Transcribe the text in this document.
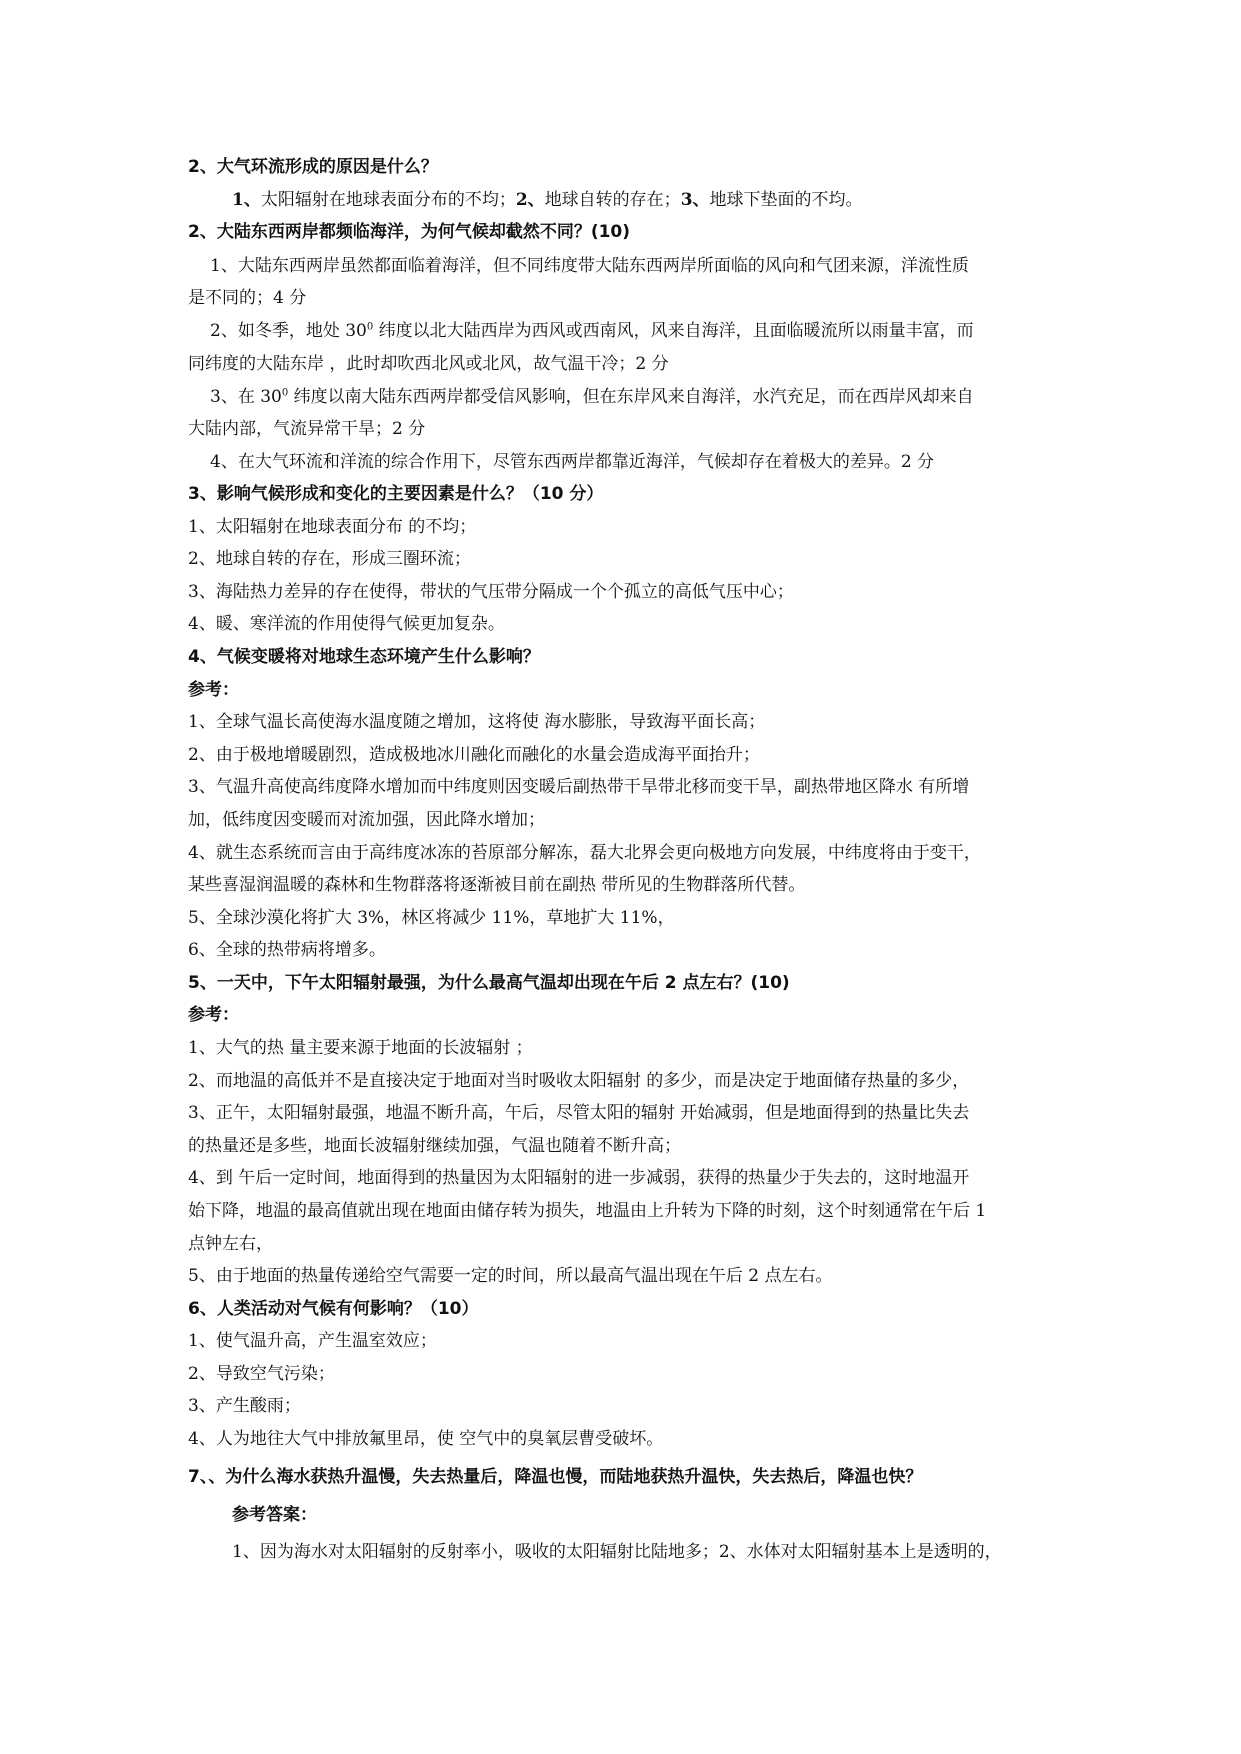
2、大气环流形成的原因是什么？
1、太阳辐射在地球表面分布的不均；2、地球自转的存在；3、地球下垫面的不均。
2、大陆东西两岸都频临海洋，为何气候却截然不同？(10)
1、大陆东西两岸虽然都面临着海洋，但不同纬度带大陆东西两岸所面临的风向和气团来源，洋流性质
是不同的；4 分
2、如冬季，地处 $30^0$ 纬度以北大陆西岸为西风或西南风，风来自海洋，且面临暖流所以雨量丰富，而
同纬度的大陆东岸 ，此时却吹西北风或北风，故气温干冷；2 分
3、在 $30^0$ 纬度以南大陆东西两岸都受信风影响，但在东岸风来自海洋，水汽充足，而在西岸风却来自
大陆内部，气流异常干旱；2 分
4、在大气环流和洋流的综合作用下，尽管东西两岸都靠近海洋，气候却存在着极大的差异。2 分
3、影响气候形成和变化的主要因素是什么？（10 分）
1、太阳辐射在地球表面分布 的不均；
2、地球自转的存在，形成三圈环流；
3、海陆热力差异的存在使得，带状的气压带分隔成一个个孤立的高低气压中心；
4、暖、寒洋流的作用使得气候更加复杂。
4、气候变暖将对地球生态环境产生什么影响？
参考：
1、全球气温长高使海水温度随之增加，这将使 海水膨胀，导致海平面长高；
2、由于极地增暖剧烈，造成极地冰川融化而融化的水量会造成海平面抬升；
3、气温升高使高纬度降水增加而中纬度则因变暖后副热带干旱带北移而变干旱，副热带地区降水 有所增
加，低纬度因变暖而对流加强，因此降水增加；
4、就生态系统而言由于高纬度冰冻的苔原部分解冻，磊大北界会更向极地方向发展，中纬度将由于变干，
某些喜湿润温暖的森林和生物群落将逐渐被目前在副热 带所见的生物群落所代替。
5、全球沙漠化将扩大 3%，林区将减少 11%，草地扩大 11%，
6、全球的热带病将增多。
5、一天中，下午太阳辐射最强，为什么最高气温却出现在午后 2 点左右？(10)
参考：
1、大气的热 量主要来源于地面的长波辐射 ；
2、而地温的高低并不是直接决定于地面对当时吸收太阳辐射 的多少，而是决定于地面储存热量的多少，
3、正午，太阳辐射最强，地温不断升高，午后，尽管太阳的辐射 开始减弱，但是地面得到的热量比失去
的热量还是多些，地面长波辐射继续加强，气温也随着不断升高；
4、到 午后一定时间，地面得到的热量因为太阳辐射的进一步减弱，获得的热量少于失去的，这时地温开
始下降，地温的最高值就出现在地面由储存转为损失，地温由上升转为下降的时刻，这个时刻通常在午后 1
点钟左右，
5、由于地面的热量传递给空气需要一定的时间，所以最高气温出现在午后 2 点左右。
6、人类活动对气候有何影响？（10）
1、使气温升高，产生温室效应；
2、导致空气污染；
3、产生酸雨；
4、人为地往大气中排放氟里昂，使 空气中的臭氧层曹受破坏。
7、、为什么海水获热升温慢，失去热量后，降温也慢，而陆地获热升温快，失去热后，降温也快？
参考答案：
1、因为海水对太阳辐射的反射率小，吸收的太阳辐射比陆地多；2、水体对太阳辐射基本上是透明的，
